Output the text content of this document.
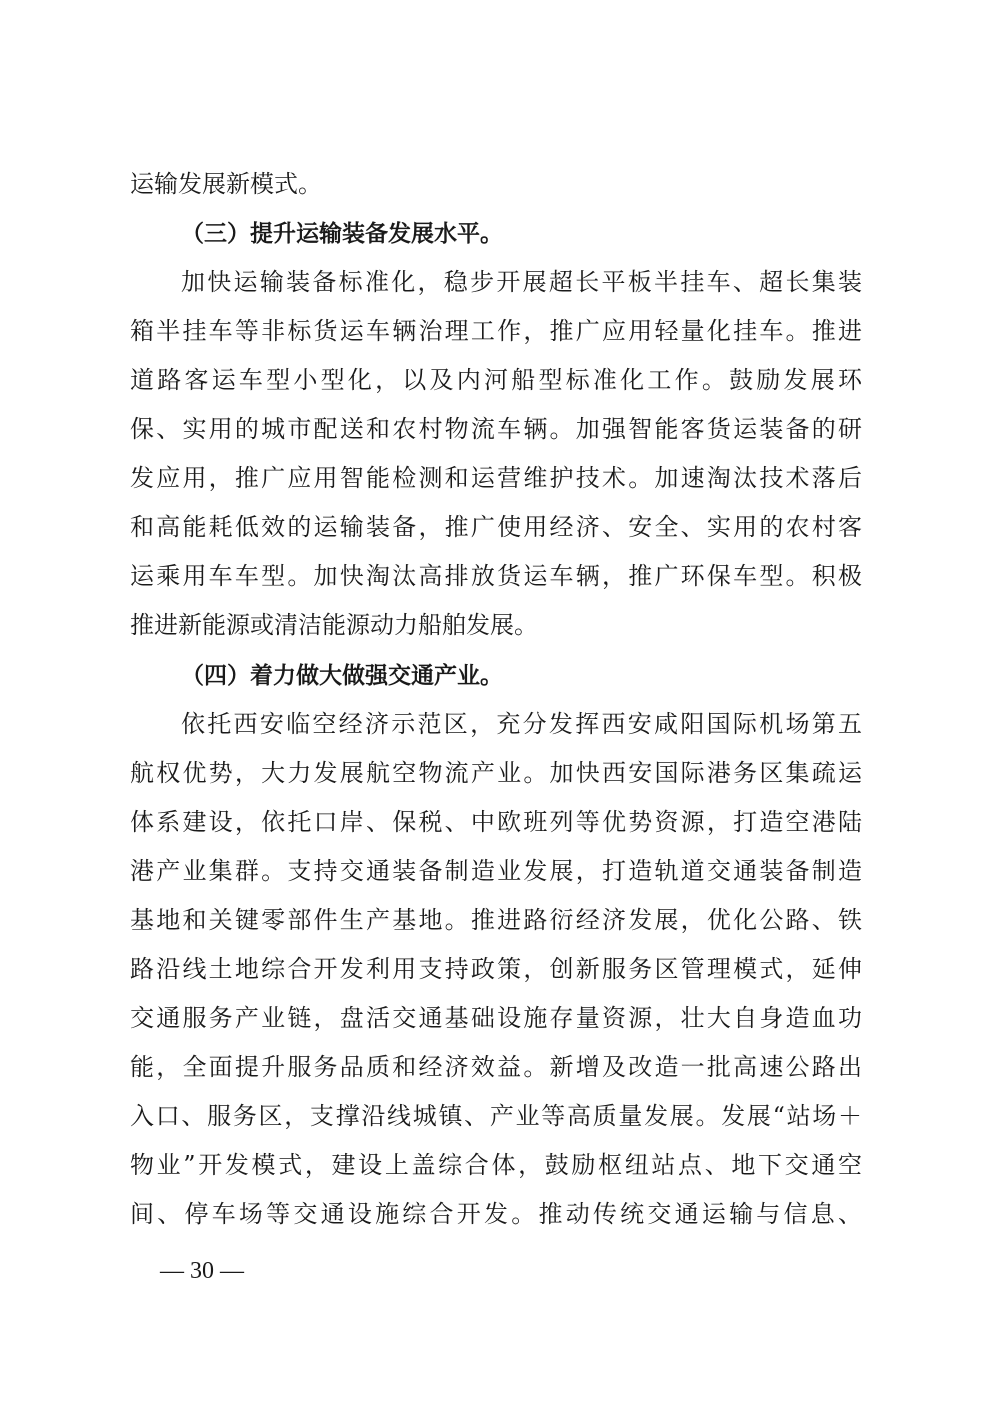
运输发展新模式。
（三）提升运输装备发展水平。
加快运输装备标准化，稳步开展超长平板半挂车、超长集装
箱半挂车等非标货运车辆治理工作，推广应用轻量化挂车。推进
道路客运车型小型化，以及内河船型标准化工作。鼓励发展环
保、实用的城市配送和农村物流车辆。加强智能客货运装备的研
发应用，推广应用智能检测和运营维护技术。加速淘汰技术落后
和高能耗低效的运输装备，推广使用经济、安全、实用的农村客
运乘用车车型。加快淘汰高排放货运车辆，推广环保车型。积极
推进新能源或清洁能源动力船舶发展。
（四）着力做大做强交通产业。
依托西安临空经济示范区，充分发挥西安咸阳国际机场第五
航权优势，大力发展航空物流产业。加快西安国际港务区集疏运
体系建设，依托口岸、保税、中欧班列等优势资源，打造空港陆
港产业集群。支持交通装备制造业发展，打造轨道交通装备制造
基地和关键零部件生产基地。推进路衍经济发展，优化公路、铁
路沿线土地综合开发利用支持政策，创新服务区管理模式，延伸
交通服务产业链，盘活交通基础设施存量资源，壮大自身造血功
能，全面提升服务品质和经济效益。新增及改造一批高速公路出
入口、服务区，支撑沿线城镇、产业等高质量发展。发展“站场＋
物业”开发模式，建设上盖综合体，鼓励枢纽站点、地下交通空
间、停车场等交通设施综合开发。推动传统交通运输与信息、
— 30 —
